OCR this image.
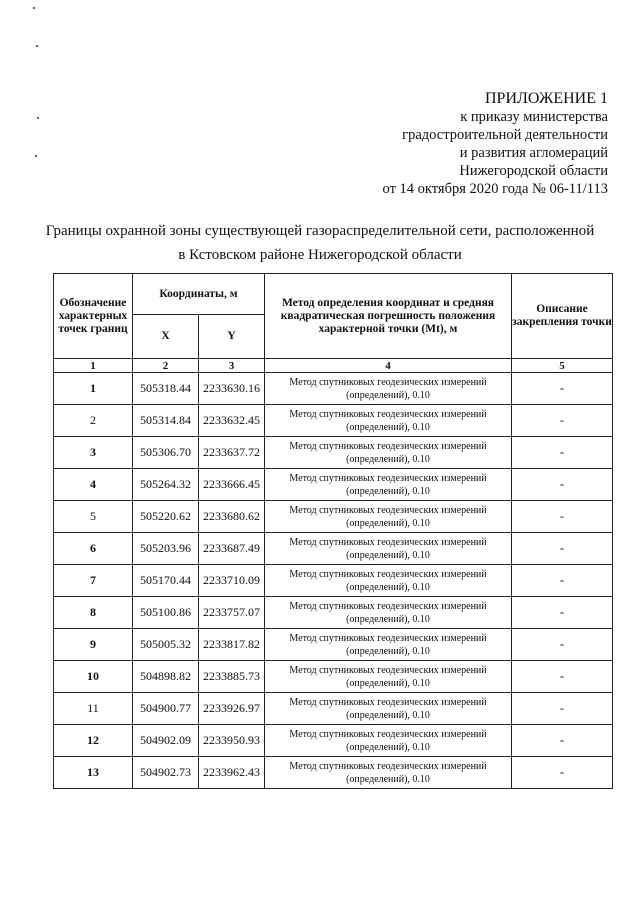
ПРИЛОЖЕНИЕ 1
к приказу министерства
градостроительной деятельности
и развития агломераций
Нижегородской области
от 14 октября 2020 года № 06-11/113
Границы охранной зоны существующей газораспределительной сети, расположенной
в Кстовском районе Нижегородской области
Обозначение характерных точек границ	Координаты, м		Метод определения координат и средняя квадратическая погрешность положения характерной точки (Mt), м	Описание закрепления точки
	X	Y		
1	2	3	4	5
1	505318.44	2233630.16	Метод спутниковых геодезических измерений (определений), 0.10	-
2	505314.84	2233632.45	Метод спутниковых геодезических измерений (определений), 0.10	-
3	505306.70	2233637.72	Метод спутниковых геодезических измерений (определений), 0.10	-
4	505264.32	2233666.45	Метод спутниковых геодезических измерений (определений), 0.10	-
5	505220.62	2233680.62	Метод спутниковых геодезических измерений (определений), 0.10	-
6	505203.96	2233687.49	Метод спутниковых геодезических измерений (определений), 0.10	-
7	505170.44	2233710.09	Метод спутниковых геодезических измерений (определений), 0.10	-
8	505100.86	2233757.07	Метод спутниковых геодезических измерений (определений), 0.10	-
9	505005.32	2233817.82	Метод спутниковых геодезических измерений (определений), 0.10	-
10	504898.82	2233885.73	Метод спутниковых геодезических измерений (определений), 0.10	-
11	504900.77	2233926.97	Метод спутниковых геодезических измерений (определений), 0.10	-
12	504902.09	2233950.93	Метод спутниковых геодезических измерений (определений), 0.10	-
13	504902.73	2233962.43	Метод спутниковых геодезических измерений (определений), 0.10	-
